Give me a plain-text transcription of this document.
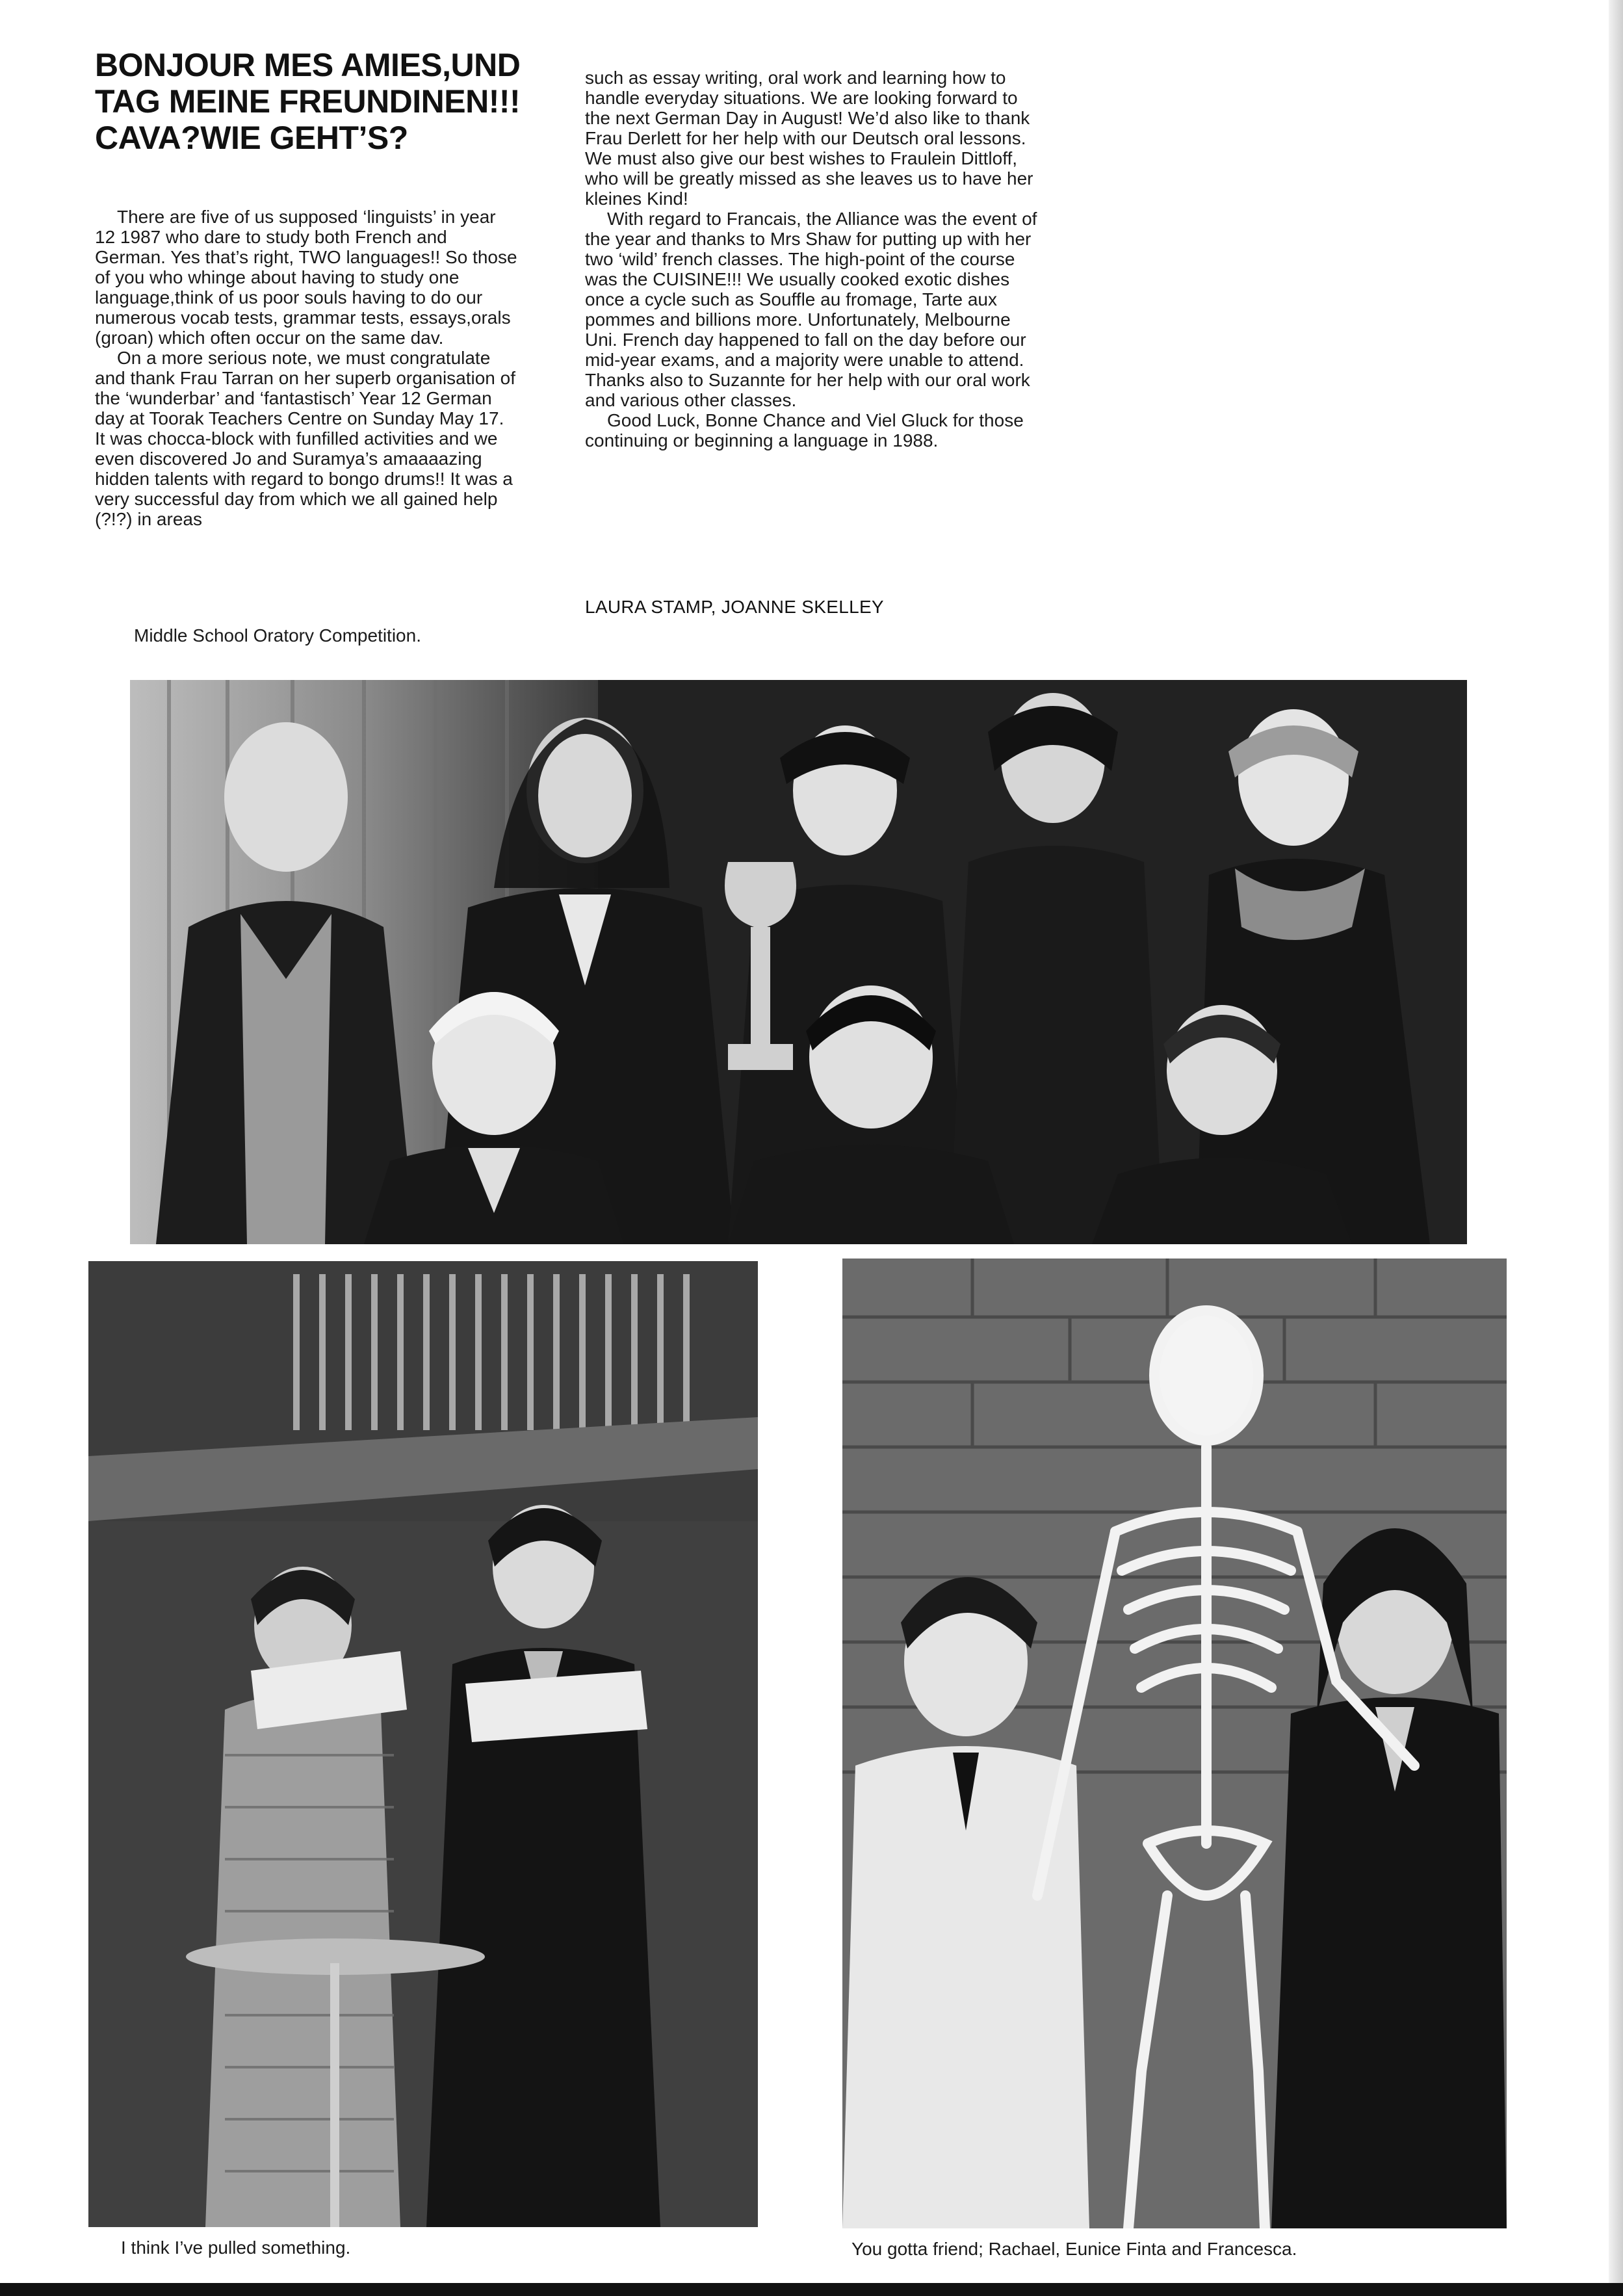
BONJOUR MES AMIES,UND TAG MEINE FREUNDINEN!!! CAVA?WIE GEHT’S?

There are five of us supposed ‘linguists’ in year 12 1987 who dare to study both French and German. Yes that’s right, TWO languages!! So those of you who whinge about having to study one language,think of us poor souls having to do our numerous vocab tests, grammar tests, essays,orals (groan) which often occur on the same dav.

On a more serious note, we must congratulate and thank Frau Tarran on her superb organisation of the ‘wunderbar’ and ‘fantastisch’ Year 12 German day at Toorak Teachers Centre on Sunday May 17. It was chocca-block with funfilled activities and we even discovered Jo and Suramya’s amaaaazing hidden talents with regard to bongo drums!! It was a very successful day from which we all gained help (?!?) in areas

such as essay writing, oral work and learning how to handle everyday situations. We are looking forward to the next German Day in August! We’d also like to thank Frau Derlett for her help with our Deutsch oral lessons. We must also give our best wishes to Fraulein Dittloff, who will be greatly missed as she leaves us to have her kleines Kind!

With regard to Francais, the Alliance was the event of the year and thanks to Mrs Shaw for putting up with her two ‘wild’ french classes. The high-point of the course was the CUISINE!!! We usually cooked exotic dishes once a cycle such as Souffle au fromage, Tarte aux pommes and billions more. Unfortunately, Melbourne Uni. French day happened to fall on the day before our mid-year exams, and a majority were unable to attend. Thanks also to Suzannte for her help with our oral work and various other classes.

Good Luck, Bonne Chance and Viel Gluck for those continuing or beginning a language in 1988.

LAURA STAMP, JOANNE SKELLEY
Middle School Oratory Competition.
I think I’ve pulled something.	You gotta friend; Rachael, Eunice Finta and Francesca.
